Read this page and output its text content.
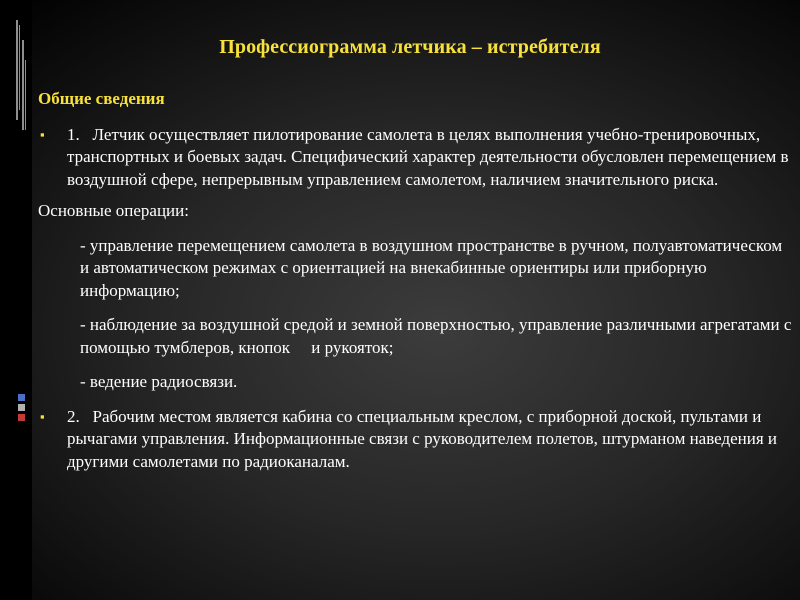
Профессиограмма летчика – истребителя
Общие сведения
▪ 1. Летчик осуществляет пилотирование самолета в целях выполнения учебно-тренировочных, транспортных и боевых задач. Специфический характер деятельности обусловлен перемещением в воздушной сфере, непрерывным управлением самолетом, наличием значительного риска.
Основные операции:
- управление перемещением самолета в воздушном пространстве в ручном, полуавтоматическом и автоматическом режимах с ориентацией на внекабинные ориентиры или приборную информацию;
- наблюдение за воздушной средой и земной поверхностью, управление различными агрегатами с помощью тумблеров, кнопок     и рукояток;
- ведение радиосвязи.
▪ 2. Рабочим местом является кабина со специальным креслом, с приборной доской, пультами и рычагами управления. Информационные связи с руководителем полетов, штурманом наведения и другими самолетами по радиоканалам.
